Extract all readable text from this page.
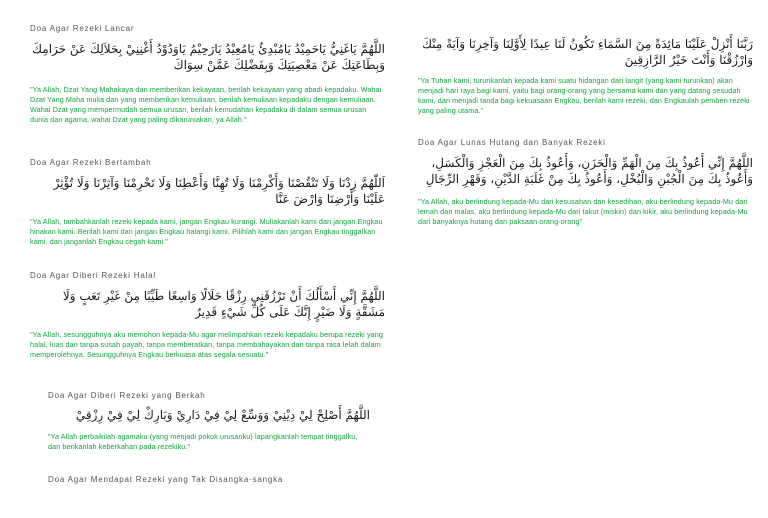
Doa Agar Rezeki Lancar

اللَّهُمَّ يَاغَنِيُّ يَاحَمِيْدُ يَامُبْدِئُ يَامُعِيْدُ يَارَحِيْمُ يَاوَدُوْدُ أَغْنِنِيْ بِحَلاَلِكَ عَنْ حَرَامِكَ وَبِطَاعَتِكَ عَنْ مَعْصِيَتِكَ وَبِفَضْلِكَ عَمَّنْ سِوَاكَ

"Ya Allah, Dzat Yang Mahakaya dan memberikan kekayaan, berilah kekayaan yang abadi kepadaku. Wahai Dzat Yang Maha mulia dan yang memberikan kemuliaan, berilah kemuliaan kepadaku dengan kemuliaan. Wahai Dzat yang mempermudah semua urusan, berilah kemudahan kepadaku di dalam semua urusan dunia dan agama, wahai Dzat yang paling dikaruniakan, ya Allah."

Doa Agar Rezeki Bertambah

اَللّٰهُمَّ زِدْنَا وَلَا تَنْقُصْنَا وَأَكْرِمْنَا وَلَا تُهِنَّا وَأَعْطِنَا وَلَا تَحْرِمْنَا وَآثِرْنَا وَلَا تُؤْثِرْ عَلَيْنَا وَأَرْضِنَا وَارْضَ عَنَّا

"Ya Allah, tambahkanlah rezeki kepada kami, jangan Engkau kurangi. Muliakanlah kami dan jangan Engkau hinakan kami. Berilah kami dan jangan Engkau halangi kami. Pilihlah kami dan jangan Engkau tinggalkan kami, dan janganlah Engkau cegah kami."

Doa Agar Diberi Rezeki Halal

اللَّهُمَّ إِنِّي أَسْأَلُكَ أَنْ تَرْزُقَنِي رِزْقًا حَلَالًا وَاسِعًا طَيِّبًا مِنْ غَيْرِ تَعَبٍ وَلَا مَشَقَّةٍ وَلَا ضَيْرٍ إِنَّكَ عَلَى كُلِّ شَيْءٍ قَدِيرٌ

"Ya Allah, sesungguhnya aku memohon kepada-Mu agar melimpahkan rezeki kepadaku berupa rezeki yang halal, luas dan tanpa susah payah, tanpa memberatkan, tanpa membahayakan dan tanpa rasa lelah dalam memperolehnya. Sesungguhnya Engkau berkuasa atas segala sesuatu."

Doa Agar Diberi Rezeki yang Berkah

اللَّهُمَّ أَصْلِحْ لِيْ دِيْنِيْ وَوَسِّعْ لِيْ فِيْ دَارِيْ وَبَارِكْ لِيْ فِيْ رِزْقِيْ

"Ya Allah perbaikilah agamaku (yang menjadi pokok urusanku) lapangkanlah tempat tinggalku, dan berikanlah keberkahan pada rezekiku."

Doa Agar Mendapat Rezeki yang Tak Disangka-sangka

رَبَّنَا أَنْزِلْ عَلَيْنَا مَائِدَةً مِنَ السَّمَاءِ تَكُونُ لَنَا عِيدًا لِأَوَّلِنَا وَآخِرِنَا وَآيَةً مِنْكَ وَارْزُقْنَا وَأَنْتَ خَيْرُ الرَّازِقِينَ

"Ya Tuhan kami, turunkanlah kepada kami suatu hidangan dari langit (yang kami turunkan) akan menjadi hari raya bagi kami, yaitu bagi orang-orang yang bersama kami dan yang datang sesudah kami, dan menjadi tanda bagi kekuasaan Engkau, berilah kami rezeki, dan Engkaulah pemberi rezeki yang paling utama."

Doa Agar Lunas Hutang dan Banyak Rezeki

اللَّهُمَّ إِنِّي أَعُوذُ بِكَ مِنَ الْهَمِّ وَالْحَزَنِ، وَأَعُوذُ بِكَ مِنَ الْعَجْزِ وَالْكَسَلِ، وَأَعُوذُ بِكَ مِنَ الْجُبْنِ وَالْبُخْلِ، وَأَعُوذُ بِكَ مِنْ غَلَبَةِ الدَّيْنِ، وَقَهْرِ الرِّجَالِ

"Ya Allah, aku berlindung kepada-Mu dari kesusahan dan kesedihan, aku berlindung kepada-Mu dari lemah dan malas, aku berlindung kepada-Mu dari takut (miskin) dan kikir, aku berlindung kepada-Mu dari banyaknya hutang dan paksaan orang-orang"
